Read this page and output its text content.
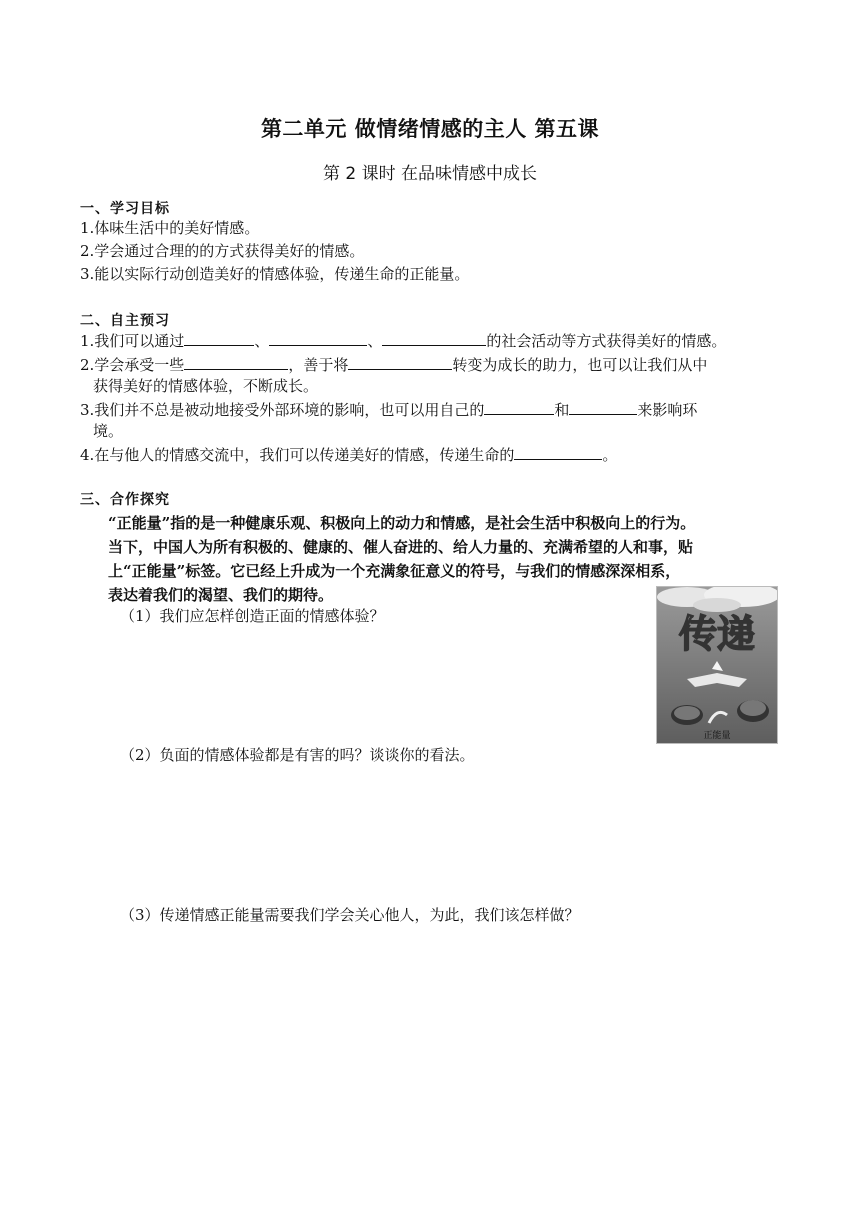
第二单元 做情绪情感的主人 第五课
第 2 课时 在品味情感中成长
一、学习目标
1.体味生活中的美好情感。
2.学会通过合理的的方式获得美好的情感。
3.能以实际行动创造美好的情感体验，传递生命的正能量。
二、自主预习
1.我们可以通过	、	、	的社会活动等方式获得美好的情感。
2.学会承受一些	，善于将	转变为成长的助力，也可以让我们从中
获得美好的情感体验，不断成长。
3.我们并不总是被动地接受外部环境的影响，也可以用自己的	和	来影响环
境。
4.在与他人的情感交流中，我们可以传递美好的情感，传递生命的	。
三、合作探究
“正能量”指的是一种健康乐观、积极向上的动力和情感，是社会生活中积极向上的行为。
当下，中国人为所有积极的、健康的、催人奋进的、给人力量的、充满希望的人和事，贴
上“正能量”标签。它已经上升成为一个充满象征意义的符号，与我们的情感深深相系，
表达着我们的渴望、我们的期待。
（1）我们应怎样创造正面的情感体验？
（2）负面的情感体验都是有害的吗？谈谈你的看法。
（3）传递情感正能量需要我们学会关心他人，为此，我们该怎样做？
传递
正能量
